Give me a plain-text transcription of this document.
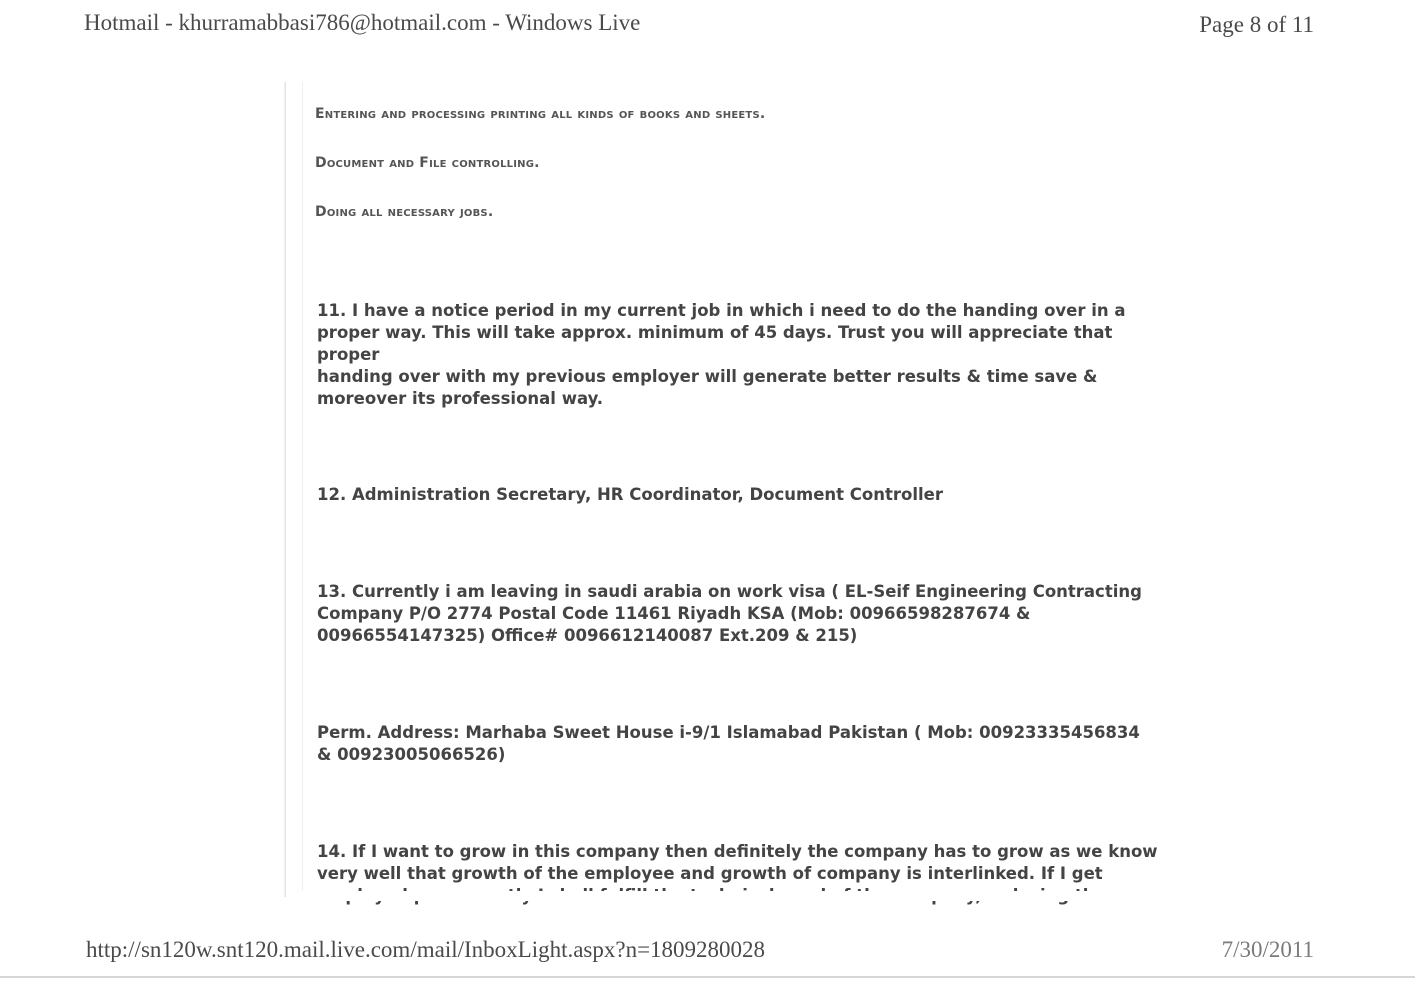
Hotmail - khurramabbasi786@hotmail.com - Windows Live	Page 8 of 11
Entering and processing printing all kinds of books and sheets.
Document and File controlling.
Doing all necessary jobs.
11. I have a notice period in my current job in which i need to do the handing over in a
proper way. This will take approx. minimum of 45 days. Trust you will appreciate that
proper
handing over with my previous employer will generate better results & time save &
moreover its professional way.
12. Administration Secretary, HR Coordinator, Document Controller
13. Currently i am leaving in saudi arabia on work visa ( EL-Seif Engineering Contracting
Company P/O 2774 Postal Code 11461 Riyadh KSA (Mob: 00966598287674 &
00966554147325) Office# 0096612140087 Ext.209 & 215)
Perm. Address: Marhaba Sweet House i-9/1 Islamabad Pakistan ( Mob: 00923335456834
& 00923005066526)
14. If I want to grow in this company then definitely the company has to grow as we know
very well that growth of the employee and growth of company is interlinked. If I get
http://sn120w.snt120.mail.live.com/mail/InboxLight.aspx?n=1809280028	7/30/2011
